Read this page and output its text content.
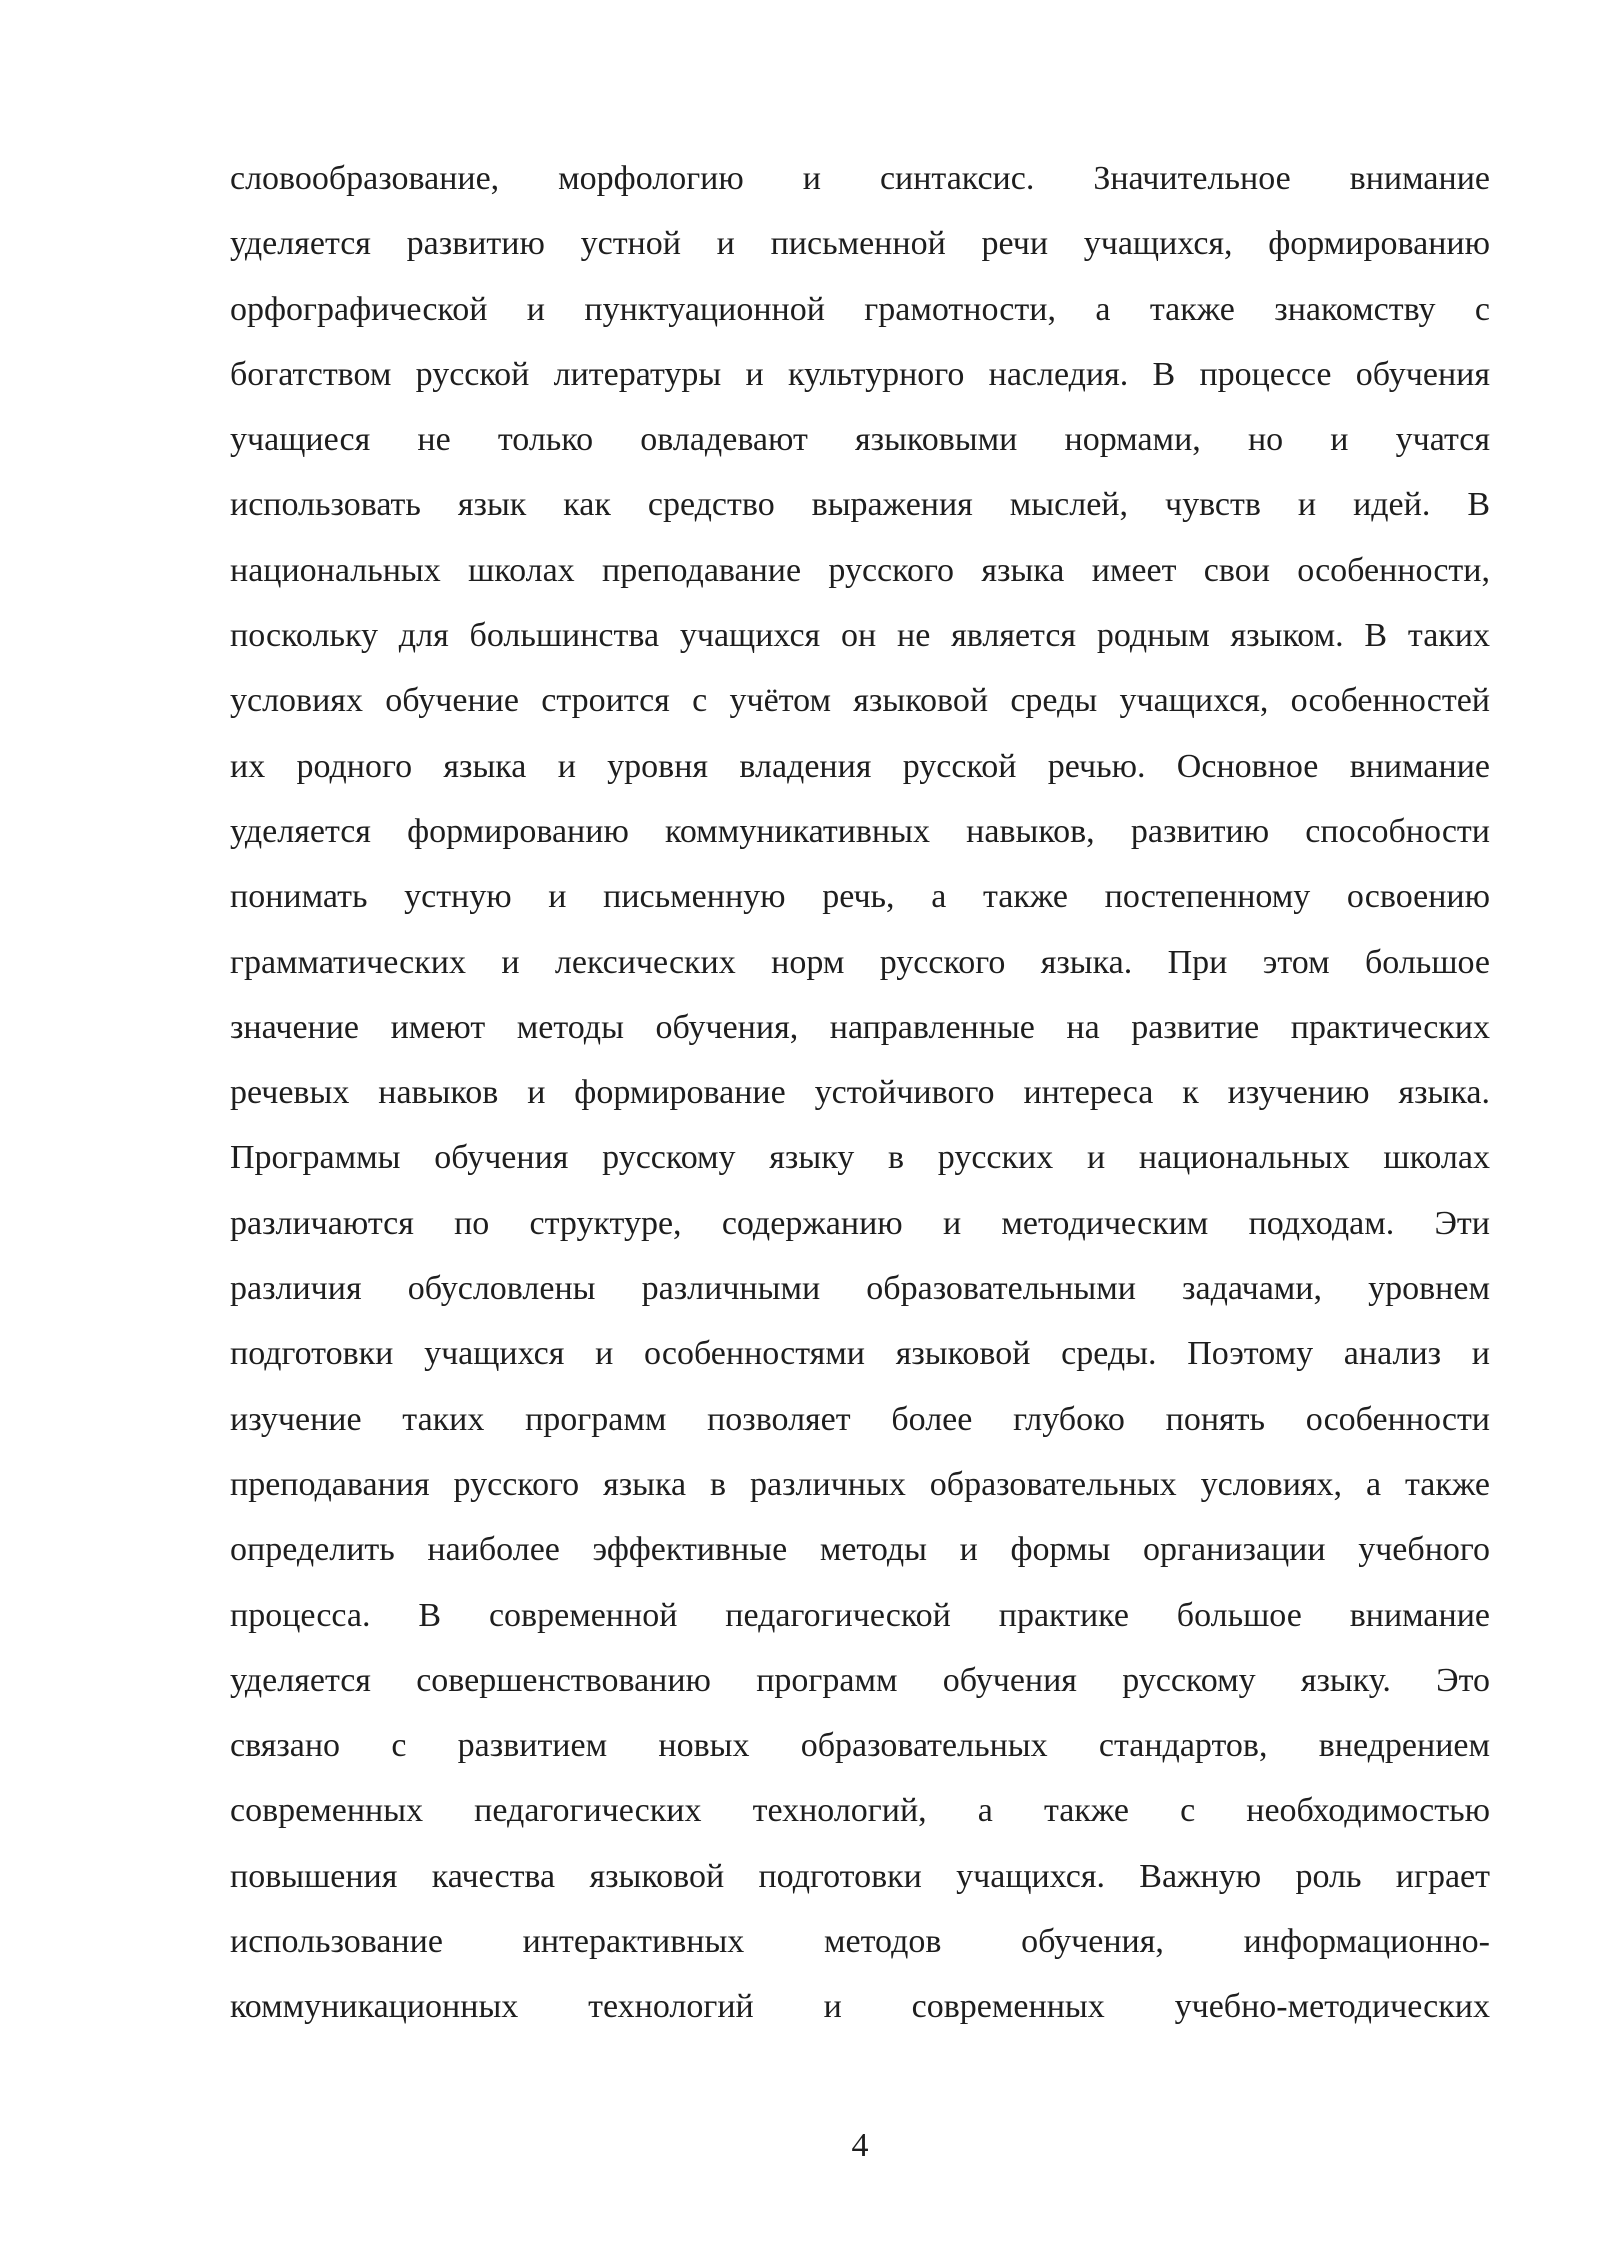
словообразование, морфологию и синтаксис. Значительное внимание
уделяется развитию устной и письменной речи учащихся, формированию
орфографической и пунктуационной грамотности, а также знакомству с
богатством русской литературы и культурного наследия. В процессе обучения
учащиеся не только овладевают языковыми нормами, но и учатся
использовать язык как средство выражения мыслей, чувств и идей. В
национальных школах преподавание русского языка имеет свои особенности,
поскольку для большинства учащихся он не является родным языком. В таких
условиях обучение строится с учётом языковой среды учащихся, особенностей
их родного языка и уровня владения русской речью. Основное внимание
уделяется формированию коммуникативных навыков, развитию способности
понимать устную и письменную речь, а также постепенному освоению
грамматических и лексических норм русского языка. При этом большое
значение имеют методы обучения, направленные на развитие практических
речевых навыков и формирование устойчивого интереса к изучению языка.
Программы обучения русскому языку в русских и национальных школах
различаются по структуре, содержанию и методическим подходам. Эти
различия обусловлены различными образовательными задачами, уровнем
подготовки учащихся и особенностями языковой среды. Поэтому анализ и
изучение таких программ позволяет более глубоко понять особенности
преподавания русского языка в различных образовательных условиях, а также
определить наиболее эффективные методы и формы организации учебного
процесса. В современной педагогической практике большое внимание
уделяется совершенствованию программ обучения русскому языку. Это
связано с развитием новых образовательных стандартов, внедрением
современных педагогических технологий, а также с необходимостью
повышения качества языковой подготовки учащихся. Важную роль играет
использование интерактивных методов обучения, информационно-
коммуникационных технологий и современных учебно-методических
4
